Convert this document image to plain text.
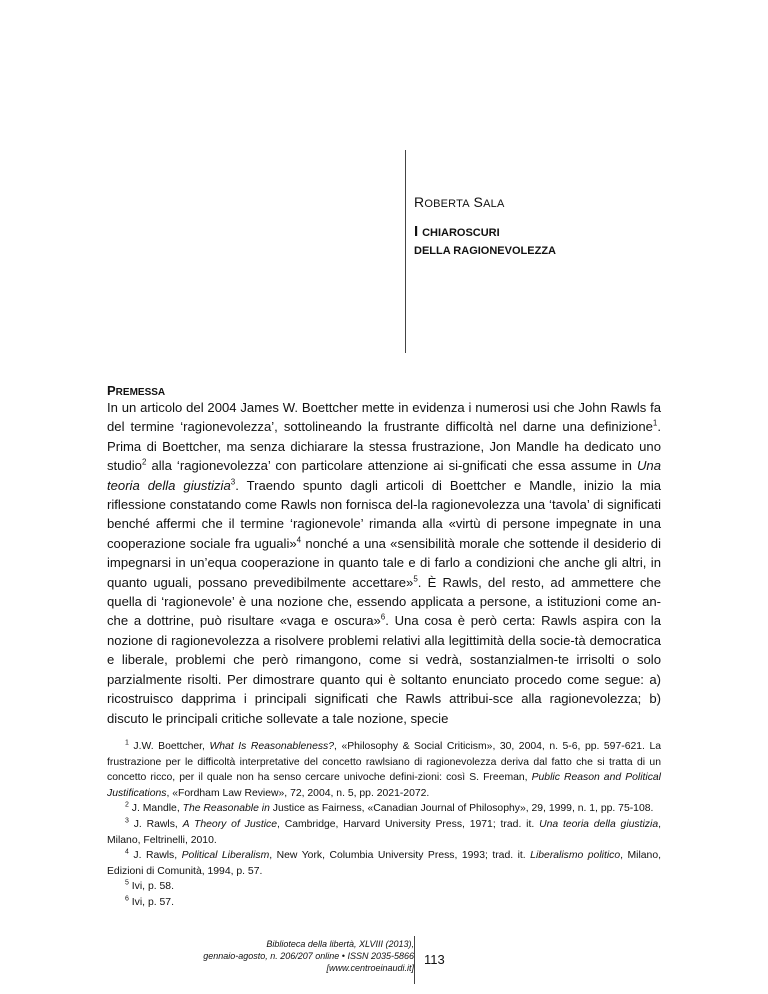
ROBERTA SALA
I CHIAROSCURI
DELLA RAGIONEVOLEZZA
PREMESSA

In un articolo del 2004 James W. Boettcher mette in evidenza i numerosi usi che John Rawls fa del termine ‘ragionevolezza’, sottolineando la frustrante difficoltà nel darne una definizione$^1$. Prima di Boettcher, ma senza dichiarare la stessa frustrazione, Jon Mandle ha dedicato uno studio$^2$ alla ‘ragionevolezza’ con particolare attenzione ai si-gnificati che essa assume in Una teoria della giustizia$^3$. Traendo spunto dagli articoli di Boettcher e Mandle, inizio la mia riflessione constatando come Rawls non fornisca del-la ragionevolezza una ‘tavola’ di significati benché affermi che il termine ‘ragionevole’ rimanda alla «virtù di persone impegnate in una cooperazione sociale fra uguali»$^4$ nonché a una «sensibilità morale che sottende il desiderio di impegnarsi in un’equa cooperazione in quanto tale e di farlo a condizioni che anche gli altri, in quanto uguali, possano prevedibilmente accettare»$^5$. È Rawls, del resto, ad ammettere che quella di ‘ragionevole’ è una nozione che, essendo applicata a persone, a istituzioni come an-che a dottrine, può risultare «vaga e oscura»$^6$. Una cosa è però certa: Rawls aspira con la nozione di ragionevolezza a risolvere problemi relativi alla legittimità della socie-tà democratica e liberale, problemi che però rimangono, come si vedrà, sostanzialmen-te irrisolti o solo parzialmente risolti. Per dimostrare quanto qui è soltanto enunciato procedo come segue: a) ricostruisco dapprima i principali significati che Rawls attribui-sce alla ragionevolezza; b) discuto le principali critiche sollevate a tale nozione, specie

$^1$ J.W. Boettcher, What Is Reasonableness?, «Philosophy & Social Criticism», 30, 2004, n. 5-6, pp. 597-621. La frustrazione per le difficoltà interpretative del concetto rawlsiano di ragionevolezza deriva dal fatto che si tratta di un concetto ricco, per il quale non ha senso cercare univoche defini-zioni: così S. Freeman, Public Reason and Political Justifications, «Fordham Law Review», 72, 2004, n. 5, pp. 2021-2072.

$^2$ J. Mandle, The Reasonable in Justice as Fairness, «Canadian Journal of Philosophy», 29, 1999, n. 1, pp. 75-108.

$^3$ J. Rawls, A Theory of Justice, Cambridge, Harvard University Press, 1971; trad. it. Una teoria della giustizia, Milano, Feltrinelli, 2010.

$^4$ J. Rawls, Political Liberalism, New York, Columbia University Press, 1993; trad. it. Liberalismo politico, Milano, Edizioni di Comunità, 1994, p. 57.

$^5$ Ivi, p. 58.

$^6$ Ivi, p. 57.

Biblioteca della libertà, XLVIII (2013),
gennaio-agosto, n. 206/207 online • ISSN 2035-5866
[www.centroeinaudi.it]
113
